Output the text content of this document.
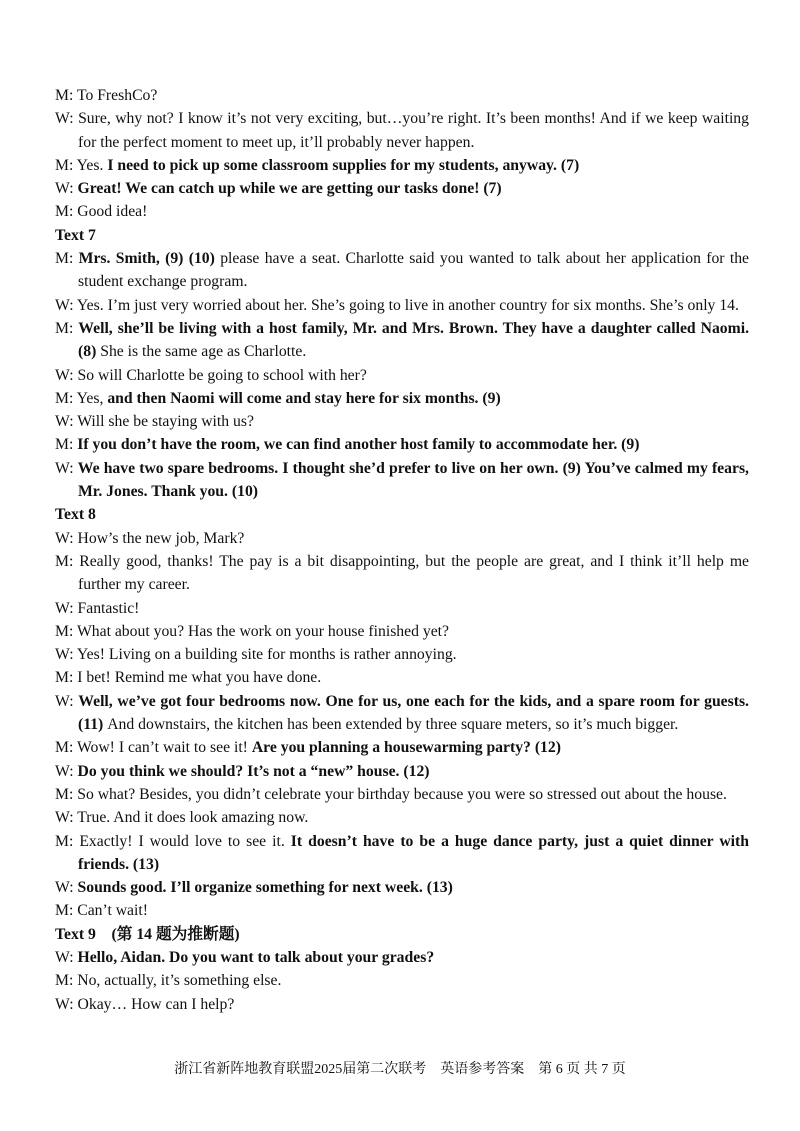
M: To FreshCo?
W: Sure, why not? I know it’s not very exciting, but…you’re right. It’s been months! And if we keep waiting for the perfect moment to meet up, it’ll probably never happen.
M: Yes. I need to pick up some classroom supplies for my students, anyway. (7)
W: Great! We can catch up while we are getting our tasks done! (7)
M: Good idea!
Text 7
M: Mrs. Smith, (9) (10) please have a seat. Charlotte said you wanted to talk about her application for the student exchange program.
W: Yes. I’m just very worried about her. She’s going to live in another country for six months. She’s only 14.
M: Well, she’ll be living with a host family, Mr. and Mrs. Brown. They have a daughter called Naomi. (8) She is the same age as Charlotte.
W: So will Charlotte be going to school with her?
M: Yes, and then Naomi will come and stay here for six months. (9)
W: Will she be staying with us?
M: If you don’t have the room, we can find another host family to accommodate her. (9)
W: We have two spare bedrooms. I thought she’d prefer to live on her own. (9) You’ve calmed my fears, Mr. Jones. Thank you. (10)
Text 8
W: How’s the new job, Mark?
M: Really good, thanks! The pay is a bit disappointing, but the people are great, and I think it’ll help me further my career.
W: Fantastic!
M: What about you? Has the work on your house finished yet?
W: Yes! Living on a building site for months is rather annoying.
M: I bet! Remind me what you have done.
W: Well, we’ve got four bedrooms now. One for us, one each for the kids, and a spare room for guests. (11) And downstairs, the kitchen has been extended by three square meters, so it’s much bigger.
M: Wow! I can’t wait to see it! Are you planning a housewarming party? (12)
W: Do you think we should? It’s not a “new” house. (12)
M: So what? Besides, you didn’t celebrate your birthday because you were so stressed out about the house.
W: True. And it does look amazing now.
M: Exactly! I would love to see it. It doesn’t have to be a huge dance party, just a quiet dinner with friends. (13)
W: Sounds good. I’ll organize something for next week. (13)
M: Can’t wait!
Text 9　(第 14 题为推断题)
W: Hello, Aidan. Do you want to talk about your grades?
M: No, actually, it’s something else.
W: Okay… How can I help?
浙江省新阵地教育联盟2025届第二次联考　英语参考答案　第 6 页 共 7 页
